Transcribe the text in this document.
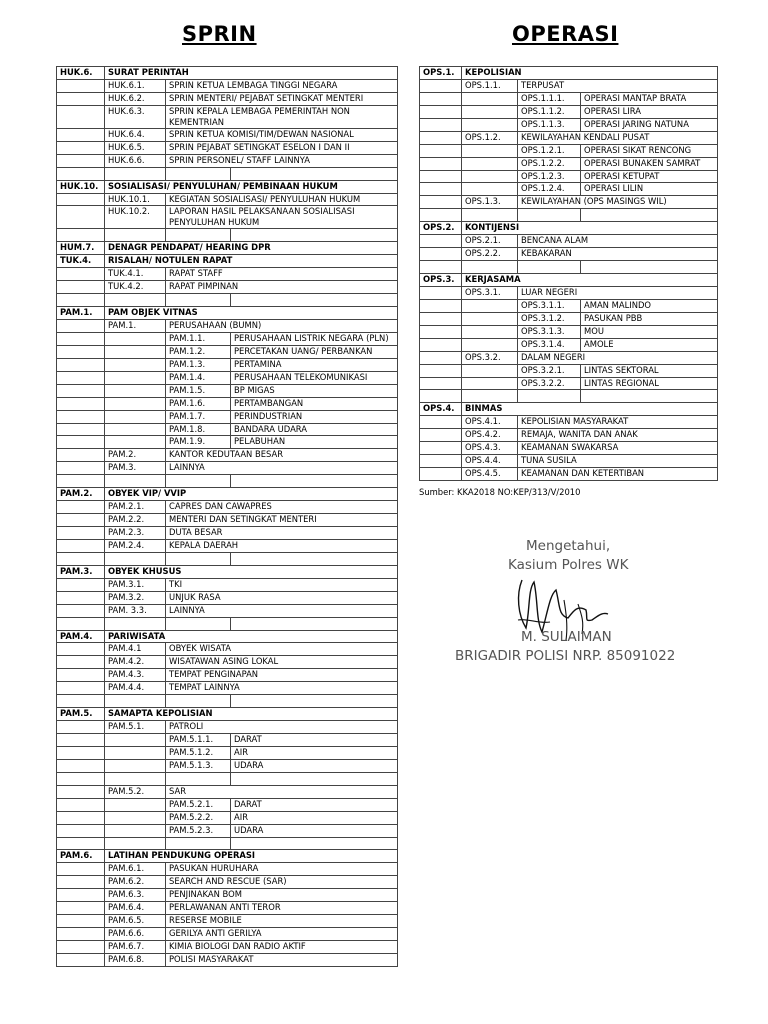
SPRIN	OPERASI
HUK.6.	SURAT PERINTAH		
	HUK.6.1.	SPRIN KETUA LEMBAGA TINGGI NEGARA	
	HUK.6.2.	SPRIN MENTERI/ PEJABAT SETINGKAT MENTERI	
	HUK.6.3.	SPRIN KEPALA LEMBAGA PEMERINTAH NON KEMENTRIAN	
	HUK.6.4.	SPRIN KETUA KOMISI/TIM/DEWAN NASIONAL	
	HUK.6.5.	SPRIN PEJABAT SETINGKAT ESELON I DAN II	
	HUK.6.6.	SPRIN PERSONEL/ STAFF LAINNYA	

HUK.10.	SOSIALISASI/ PENYULUHAN/ PEMBINAAN HUKUM		
	HUK.10.1.	KEGIATAN SOSIALISASI/ PENYULUHAN HUKUM	
	HUK.10.2.	LAPORAN HASIL PELAKSANAAN SOSIALISASI PENYULUHAN HUKUM	

HUM.7.	DENAGR PENDAPAT/ HEARING DPR		
TUK.4.	RISALAH/ NOTULEN RAPAT		
	TUK.4.1.	RAPAT STAFF	
	TUK.4.2.	RAPAT PIMPINAN	

PAM.1.	PAM OBJEK VITNAS		
	PAM.1.	PERUSAHAAN (BUMN)	
		PAM.1.1.	PERUSAHAAN LISTRIK NEGARA (PLN)
		PAM.1.2.	PERCETAKAN UANG/ PERBANKAN
		PAM.1.3.	PERTAMINA
		PAM.1.4.	PERUSAHAAN TELEKOMUNIKASI
		PAM.1.5.	BP MIGAS
		PAM.1.6.	PERTAMBANGAN
		PAM.1.7.	PERINDUSTRIAN
		PAM.1.8.	BANDARA UDARA
		PAM.1.9.	PELABUHAN
	PAM.2.	KANTOR KEDUTAAN BESAR	
	PAM.3.	LAINNYA	

PAM.2.	OBYEK VIP/ VVIP		
	PAM.2.1.	CAPRES DAN CAWAPRES	
	PAM.2.2.	MENTERI DAN SETINGKAT MENTERI	
	PAM.2.3.	DUTA BESAR	
	PAM.2.4.	KEPALA DAERAH	

PAM.3.	OBYEK KHUSUS		
	PAM.3.1.	TKI	
	PAM.3.2.	UNJUK RASA	
	PAM. 3.3.	LAINNYA	

PAM.4.	PARIWISATA		
	PAM.4.1	OBYEK WISATA	
	PAM.4.2.	WISATAWAN ASING LOKAL	
	PAM.4.3.	TEMPAT PENGINAPAN	
	PAM.4.4.	TEMPAT LAINNYA	

PAM.5.	SAMAPTA KEPOLISIAN		
	PAM.5.1.	PATROLI	
		PAM.5.1.1.	DARAT
		PAM.5.1.2.	AIR
		PAM.5.1.3.	UDARA

	PAM.5.2.	SAR	
		PAM.5.2.1.	DARAT
		PAM.5.2.2.	AIR
		PAM.5.2.3.	UDARA

PAM.6.	LATIHAN PENDUKUNG OPERASI		
	PAM.6.1.	PASUKAN HURUHARA	
	PAM.6.2.	SEARCH AND RESCUE (SAR)	
	PAM.6.3.	PENJINAKAN BOM	
	PAM.6.4.	PERLAWANAN ANTI TEROR	
	PAM.6.5.	RESERSE MOBILE	
	PAM.6.6.	GERILYA ANTI GERILYA	
	PAM.6.7.	KIMIA BIOLOGI DAN RADIO AKTIF	
	PAM.6.8.	POLISI MASYARAKAT	
OPS.1.	KEPOLISIAN		
	OPS.1.1.	TERPUSAT	
		OPS.1.1.1.	OPERASI MANTAP BRATA
		OPS.1.1.2.	OPERASI LIRA
		OPS.1.1.3.	OPERASI JARING NATUNA
	OPS.1.2.	KEWILAYAHAN KENDALI PUSAT	
		OPS.1.2.1.	OPERASI SIKAT RENCONG
		OPS.1.2.2.	OPERASI BUNAKEN SAMRAT
		OPS.1.2.3.	OPERASI KETUPAT
		OPS.1.2.4.	OPERASI LILIN
	OPS.1.3.	KEWILAYAHAN (OPS MASINGS WIL)	

OPS.2.	KONTIJENSI		
	OPS.2.1.	BENCANA ALAM	
	OPS.2.2.	KEBAKARAN	

OPS.3.	KERJASAMA		
	OPS.3.1.	LUAR NEGERI	
		OPS.3.1.1.	AMAN MALINDO
		OPS.3.1.2.	PASUKAN PBB
		OPS.3.1.3.	MOU
		OPS.3.1.4.	AMOLE
	OPS.3.2.	DALAM NEGERI	
		OPS.3.2.1.	LINTAS SEKTORAL
		OPS.3.2.2.	LINTAS REGIONAL

OPS.4.	BINMAS		
	OPS.4.1.	KEPOLISIAN MASYARAKAT	
	OPS.4.2.	REMAJA, WANITA DAN ANAK	
	OPS.4.3.	KEAMANAN SWAKARSA	
	OPS.4.4.	TUNA SUSILA	
	OPS.4.5.	KEAMANAN DAN KETERTIBAN	
Sumber: KKA2018 NO:KEP/313/V/2010
Mengetahui,
Kasium Polres WK
M. SULAIMAN
BRIGADIR POLISI NRP. 85091022
